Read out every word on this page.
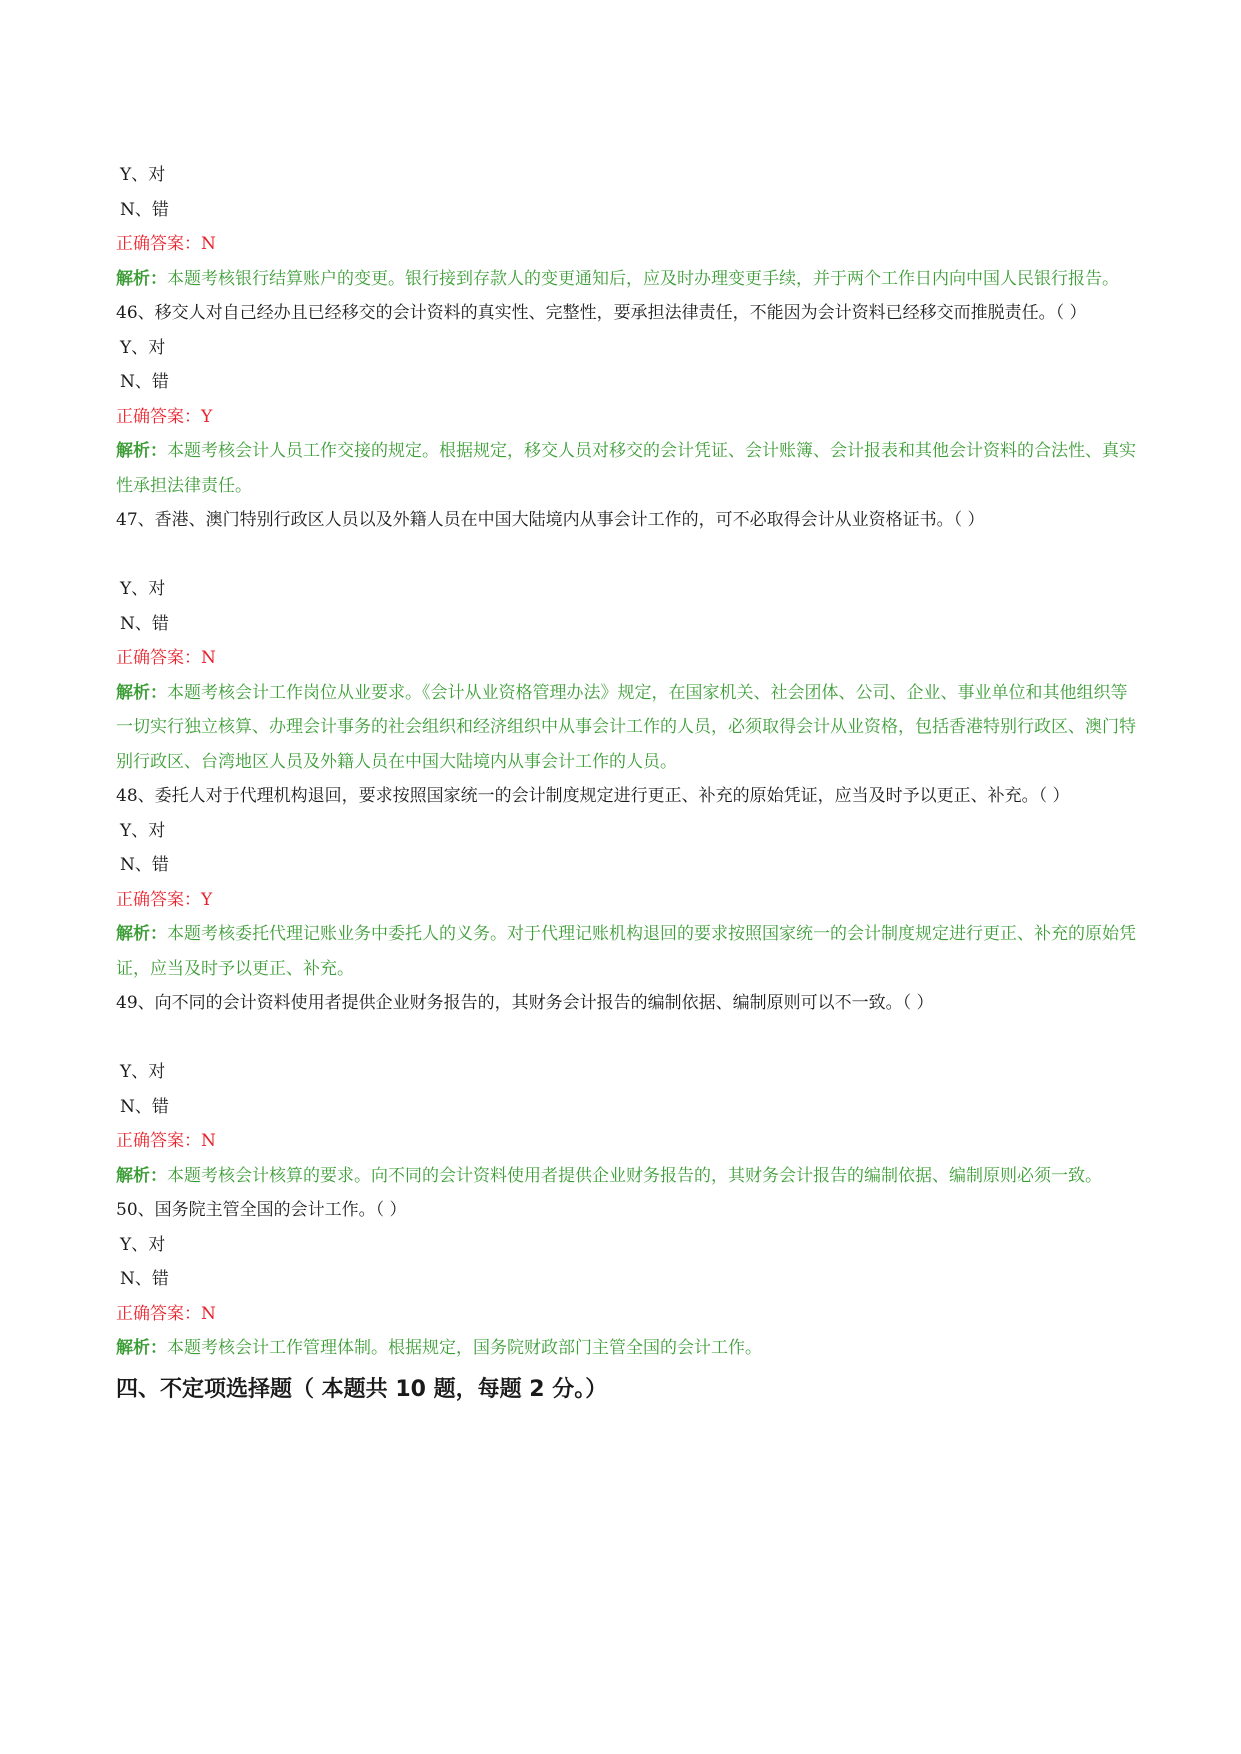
Y、对

N、错

正确答案：N

解析：本题考核银行结算账户的变更。银行接到存款人的变更通知后，应及时办理变更手续，并于两个工作日内向中国人民银行报告。

46、移交人对自己经办且已经移交的会计资料的真实性、完整性，要承担法律责任，不能因为会计资料已经移交而推脱责任。（ ）

Y、对

N、错

正确答案：Y

解析：本题考核会计人员工作交接的规定。根据规定，移交人员对移交的会计凭证、会计账簿、会计报表和其他会计资料的合法性、真实性承担法律责任。

47、香港、澳门特别行政区人员以及外籍人员在中国大陆境内从事会计工作的，可不必取得会计从业资格证书。（ ）

Y、对

N、错

正确答案：N

解析：本题考核会计工作岗位从业要求。《会计从业资格管理办法》规定，在国家机关、社会团体、公司、企业、事业单位和其他组织等一切实行独立核算、办理会计事务的社会组织和经济组织中从事会计工作的人员，必须取得会计从业资格，包括香港特别行政区、澳门特别行政区、台湾地区人员及外籍人员在中国大陆境内从事会计工作的人员。

48、委托人对于代理机构退回，要求按照国家统一的会计制度规定进行更正、补充的原始凭证，应当及时予以更正、补充。（ ）

Y、对

N、错

正确答案：Y

解析：本题考核委托代理记账业务中委托人的义务。对于代理记账机构退回的要求按照国家统一的会计制度规定进行更正、补充的原始凭证，应当及时予以更正、补充。

49、向不同的会计资料使用者提供企业财务报告的，其财务会计报告的编制依据、编制原则可以不一致。（ ）

Y、对

N、错

正确答案：N

解析：本题考核会计核算的要求。向不同的会计资料使用者提供企业财务报告的，其财务会计报告的编制依据、编制原则必须一致。

50、国务院主管全国的会计工作。（ ）

Y、对

N、错

正确答案：N

解析：本题考核会计工作管理体制。根据规定，国务院财政部门主管全国的会计工作。

四、不定项选择题（ 本题共 10 题，每题 2 分。）
